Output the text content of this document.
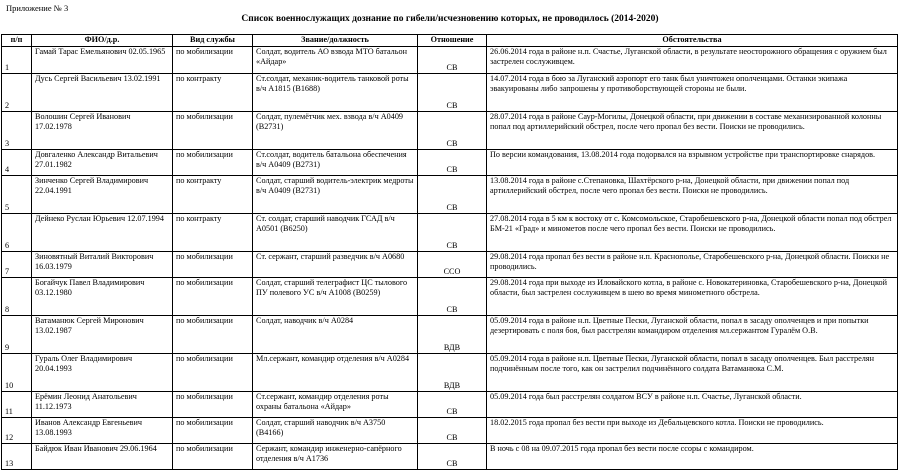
Приложение № 3
Список военнослужащих дознание по гибели/исчезновению которых, не проводилось (2014-2020)
п/п	ФИО/д.р.	Вид службы	Звание/должность	Отношение	Обстоятельства
1	Гамай Тарас Емельянович 02.05.1965	по мобилизации	Солдат, водитель АО взвода МТО батальон «Айдар»	СВ	26.06.2014 года в районе н.п. Счастье, Луганской области, в результате неосторожного обращения с оружием был застрелен сослуживцем.
2	Дусь Сергей Васильевич 13.02.1991	по контракту	Ст.солдат, механик-водитель танковой роты в/ч А1815 (В1688)	СВ	14.07.2014 года в бою за Луганский аэропорт его танк был уничтожен ополченцами. Останки экипажа эвакуированы либо запрошены у противоборствующей стороны не были.
3	Волошин Сергей Иванович 17.02.1978	по мобилизации	Солдат, пулемётчик мех. взвода в/ч А0409 (В2731)	СВ	28.07.2014 года в районе Саур-Могилы, Донецкой области, при движении в составе механизированной колонны попал под артиллерийский обстрел, после чего пропал без вести. Поиски не проводились.
4	Довгаленко Александр Витальевич 27.01.1982	по мобилизации	Ст.солдат, водитель батальона обеспечения в/ч А0409 (В2731)	СВ	По версии командования, 13.08.2014 года подорвался на взрывном устройстве при транспортировке снарядов.
5	Зинченко Сергей Владимирович 22.04.1991	по контракту	Солдат, старший водитель-электрик медроты в/ч А0409 (В2731)	СВ	13.08.2014 года в районе с.Степановка, Шахтёрского р-на, Донецкой области, при движении попал под артиллерийский обстрел, после чего пропал без вести. Поиски не проводились.
6	Дейнеко Руслан Юрьевич 12.07.1994	по контракту	Ст. солдат, старший наводчик ГСАД в/ч А0501 (В6250)	СВ	27.08.2014 года в 5 км к востоку от с. Комсомольское, Старобешевского р-на, Донецкой области попал под обстрел БМ-21 «Град» и минометов после чего пропал без вести. Поиски не проводились.
7	Зиновятный Виталий Викторович 16.03.1979	по мобилизации	Ст. сержант, старший разведчик в/ч А0680	ССО	29.08.2014 года пропал без вести в районе н.п. Краснополье, Старобешевского р-на, Донецкой области. Поиски не проводились.
8	Богайчук Павел Владимирович 03.12.1980	по мобилизации	Солдат, старший телеграфист ЦС тылового ПУ полевого УС в/ч А1008 (В0259)	СВ	29.08.2014 года при выходе из Иловайского котла, в районе с. Новокатериновка, Старобешевского р-на, Донецкой области, был застрелен сослуживцем в шею во время минометного обстрела.
9	Ватаманюк Сергей Миронович 13.02.1987	по мобилизации	Солдат, наводчик в/ч А0284	ВДВ	05.09.2014 года в районе н.п. Цветные Пески, Луганской области, попал в засаду ополченцев и при попытки дезертировать с поля боя, был расстрелян командиром отделения мл.сержантом Гуралём О.В.
10	Гураль Олег Владимирович 20.04.1993	по мобилизации	Мл.сержант, командир отделения в/ч А0284	ВДВ	05.09.2014 года в районе н.п. Цветные Пески, Луганской области, попал в засаду ополченцев. Был расстрелян подчинённым после того, как он застрелил подчинённого солдата Ватаманюка С.М.
11	Ерёмин Леонид Анатольевич 11.12.1973	по мобилизации	Ст.сержант, командир отделения роты охраны батальона «Айдар»	СВ	05.09.2014 года был расстрелян солдатом ВСУ в районе н.п. Счастье, Луганской области.
12	Иванов Александр Евгеньевич 13.08.1993	по мобилизации	Солдат, старший наводчик в/ч А3750 (В4166)	СВ	18.02.2015 года пропал без вести при выходе из Дебальцевского котла. Поиски не проводились.
13	Байдюк Иван Иванович 29.06.1964	по мобилизации	Сержант, командир инженерно-сапёрного отделения в/ч А1736	СВ	В ночь с 08 на 09.07.2015 года пропал без вести после ссоры с командиром.
